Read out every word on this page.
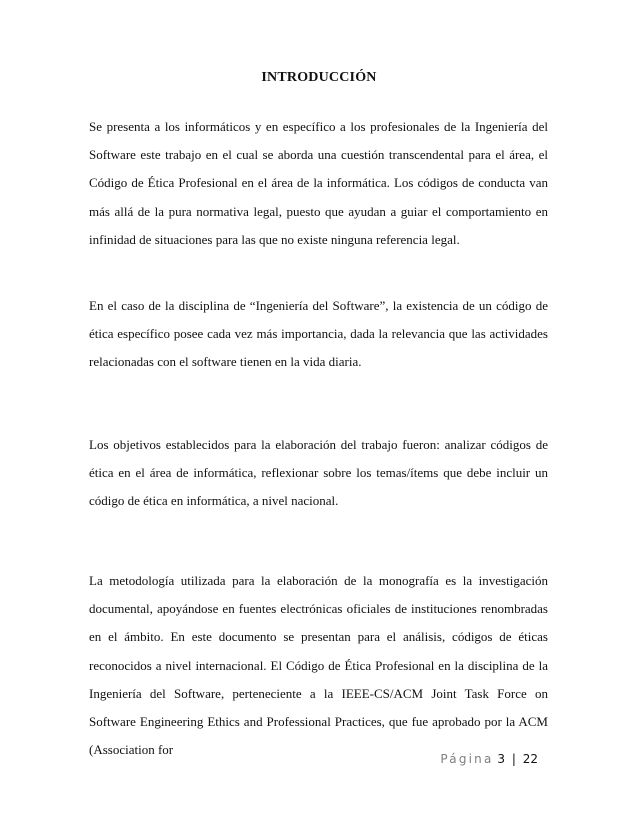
INTRODUCCIÓN

Se presenta a los informáticos y en específico a los profesionales de la Ingeniería del Software este trabajo en el cual se aborda una cuestión transcendental para el área, el Código de Ética Profesional en el área de la informática. Los códigos de conducta van más allá de la pura normativa legal, puesto que ayudan a guiar el comportamiento en infinidad de situaciones para las que no existe ninguna referencia legal.

En el caso de la disciplina de “Ingeniería del Software”, la existencia de un código de ética específico posee cada vez más importancia, dada la relevancia que las actividades relacionadas con el software tienen en la vida diaria.

Los objetivos establecidos para la elaboración del trabajo fueron: analizar códigos de ética en el área de informática, reflexionar sobre los temas/ítems que debe incluir un código de ética en informática, a nivel nacional.

La metodología utilizada para la elaboración de la monografía es la investigación documental, apoyándose en fuentes electrónicas oficiales de instituciones renombradas en el ámbito. En este documento se presentan para el análisis, códigos de éticas reconocidos a nivel internacional. El Código de Ética Profesional en la disciplina de la Ingeniería del Software, perteneciente a la IEEE-CS/ACM Joint Task Force on Software Engineering Ethics and Professional Practices, que fue aprobado por la ACM (Association for

Página 3 | 22
